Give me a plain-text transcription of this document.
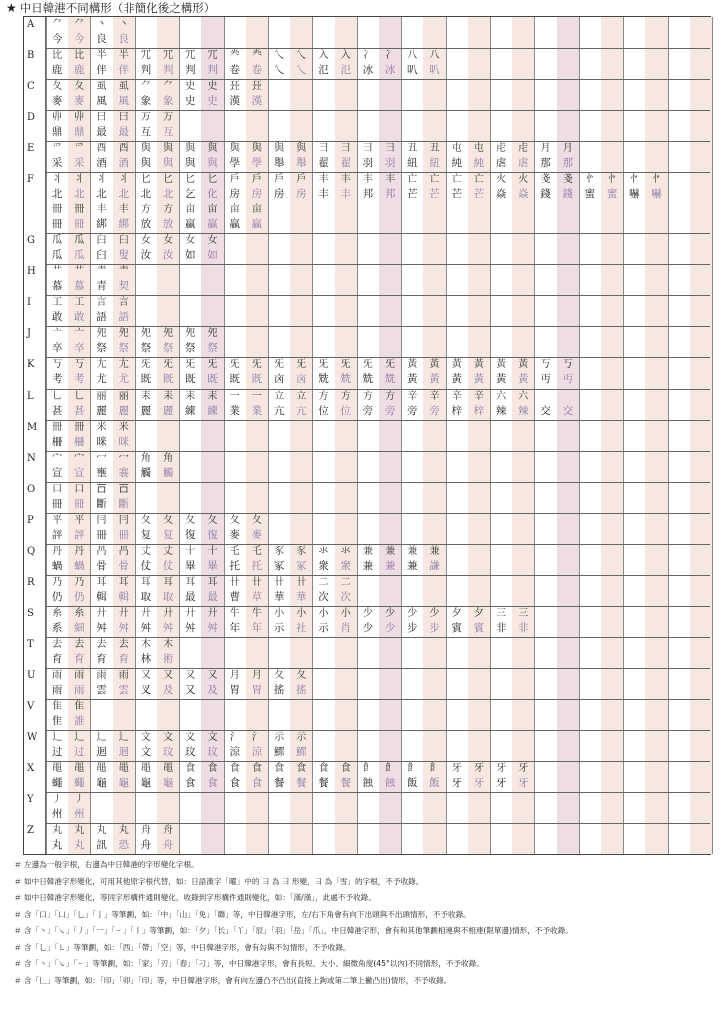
★ 中日韓港不同構形（非簡化後之構形）
A	⺈	⺈	丶	丶
今	今	良	良
B	比	比	半	半	⺴	⺴	⺴	⺴	龹	龹	乀	乀	入	入	冫	冫	八	八
鹿	鹿	伴	伴	判	判	判	判	卷	卷	乀	乀	氾	氾	冰	冰	叭	叭
C	夂	夂	虱	虱	⺈	⺈	史	史	㠭	㠭
麥	麥	風	風	象	象	史	史	漢	漢
D	丱	丱	曰	曰	万	万
鼎	鼎	最	最	互	互
E	爫	爫	酉	酉	與	與	與	與	與	與	與	與	彐	彐	彐	彐	丑	丑	屯	屯	虍	虍	月	月
采	采	酒	酒	與	與	與	與	學	學	舉	舉	翟	翟	羽	羽	紐	紐	純	純	虐	虐	那	那
F	丬	丬	丬	丬	匕	匕	匕	匕	戶	戶	戶	戶	丰	丰	丰	丰	亡	亡	亡	亡	火	火	戔	戔	㣺	㣺	㣺	㣺
北	北	北	北	北	北	乞	化	房	房	房	房	丰	丰	邦	邦	芒	芒	芒	芒	焱	焱	錢	錢	蜜	蜜	嚇	嚇
冊	冊	丰	丰	方	方	亩	亩	亩	亩
冊	冊	綁	綁	放	放	贏	贏	贏	贏
G	瓜	瓜	臼	臼	女	女	女	女
瓜	瓜	臼	叟	汝	汝	如	如
H	艹	艹	龶	龶
慕	慕	青	契
I	工	工	言	言
敢	敢	語	語
J	亠	亠	夗	夗	夗	夗	夗	夗
卒	卒	祭	祭	祭	祭	祭	祭
K	丂	丂	尢	尢	旡	旡	旡	旡	旡	旡	旡	旡	旡	旡	旡	旡	黃	黃	黃	黃	黃	黃	丂	丂
考	考	尤	尤	既	既	既	既	既	既	㐫	㐫	兟	兟	兟	兟	黃	黃	黃	黃	黃	黃	丏	丏
L	乚	乚	丽	丽	耒	耒	耒	耒	一	一	立	立	方	方	方	方	辛	辛	辛	辛	六	六
甚	甚	麗	麗	麗	麗	練	練	業	業	亢	亢	位	位	旁	旁	旁	旁	梓	梓	辣	辣	交	交
M	冊	冊	米	米
柵	柵	咪	咪
N	宀	宀	冖	冖	角	角
宣	宣	壅	褰	觸	觸
O	口	口	𠮛	𠮛
冊	冊	斷	斷
P	平	平	冃	冃	夂	夂	夂	夂	夂	夂
評	評	冊	冊	复	复	復	復	麥	麥
Q	丹	丹	冎	冎	丈	丈	十	十	乇	乇	豕	豕	氺	氺	兼	兼	兼	兼
蝸	蝸	骨	骨	仗	仗	畢	畢	托	托	冢	冢	衆	衆	兼	兼	兼	謙
R	乃	乃	耳	耳	耳	耳	耳	耳	卄	卄	卄	卄	二	二
仍	仍	輯	輯	取	取	最	最	曹	草	華	華	次	次
S	糸	糸	廾	廾	廾	廾	廾	廾	牛	牛	小	小	小	小	少	少	少	少	夕	夕	三	三
系	細	舛	舛	舛	舛	舛	舛	年	年	示	社	示	肖	少	少	步	步	賓	賓	非	非
T	去	去	去	去	木	木
育	育	育	育	林	術
U	雨	雨	雨	雨	又	又	又	又	月	月	夂	夂
雨	雨	雲	雲	叉	及	又	及	胃	胃	搖	搖
V	隹	隹
隹	誰
W	辶	辶	辶	辶	文	文	文	文	氵	氵	示	示
过	过	迴	迴	文	玟	玟	玟	涼	涼	鰥	鰥
X	黽	黽	黽	黽	黽	黽	食	食	食	食	食	食	食	食	飠	飠	飠	飠	牙	牙	牙	牙
蠅	蠅	龜	龜	龜	龜	食	食	食	食	餐	餐	餐	餐	蝕	蝕	飯	飯	牙	牙	牙	牙
Y	丿	丿
州	州
Z	丸	丸	丸	丸	舟	舟
丸	丸	訊	恐	舟	舟
＃ 左邊為一般字根，右邊為中日韓港的字形變化字根。
＃ 如中日韓港字形變化，可用其他原字根代替，如：日語漢字「曜」中的 ⺕ 為 彐 形變，⺕ 為「雪」的字根，不予收錄。
＃ 如中日韓港字形變化，等同字形構件通則變化，收錄到字形構件通則變化，如：「漢/漢」，此處不予收錄。
＃ 含「口」「凵」「乚」「亅」等筆劃，如：「中」「山」「免」「聯」等，中日韓港字形，左/右下角會有向下出頭與不出頭情形，不予收錄。
＃ 含「丶」「㇏」「丿」「一」「㇀」「丨」等筆劃，如：「夕」「长」「丫」「辰」「羽」「岳」「爪」，中日韓港字形，會有和其他筆劃相連與不相連(限單邊)情形，不予收錄。
＃ 含「乚」「㇄」等筆劃，如：「西」「帶」「空」等，中日韓港字形，會有勾與不勾情形，不予收錄。
＃ 含「丶」「㇏」「㇀」等筆劃，如：「家」「刃」「春」「刁」等，中日韓港字形，會有長短、大小、細微角度(45°以內)不同情形，不予收錄。
＃ 含「𠃊」等筆劃，如：「印」「卯」「印」等，中日韓港字形，會有向左邊凸不凸出(直接上鉤或第二筆上撇凸出)情形，不予收錄。
